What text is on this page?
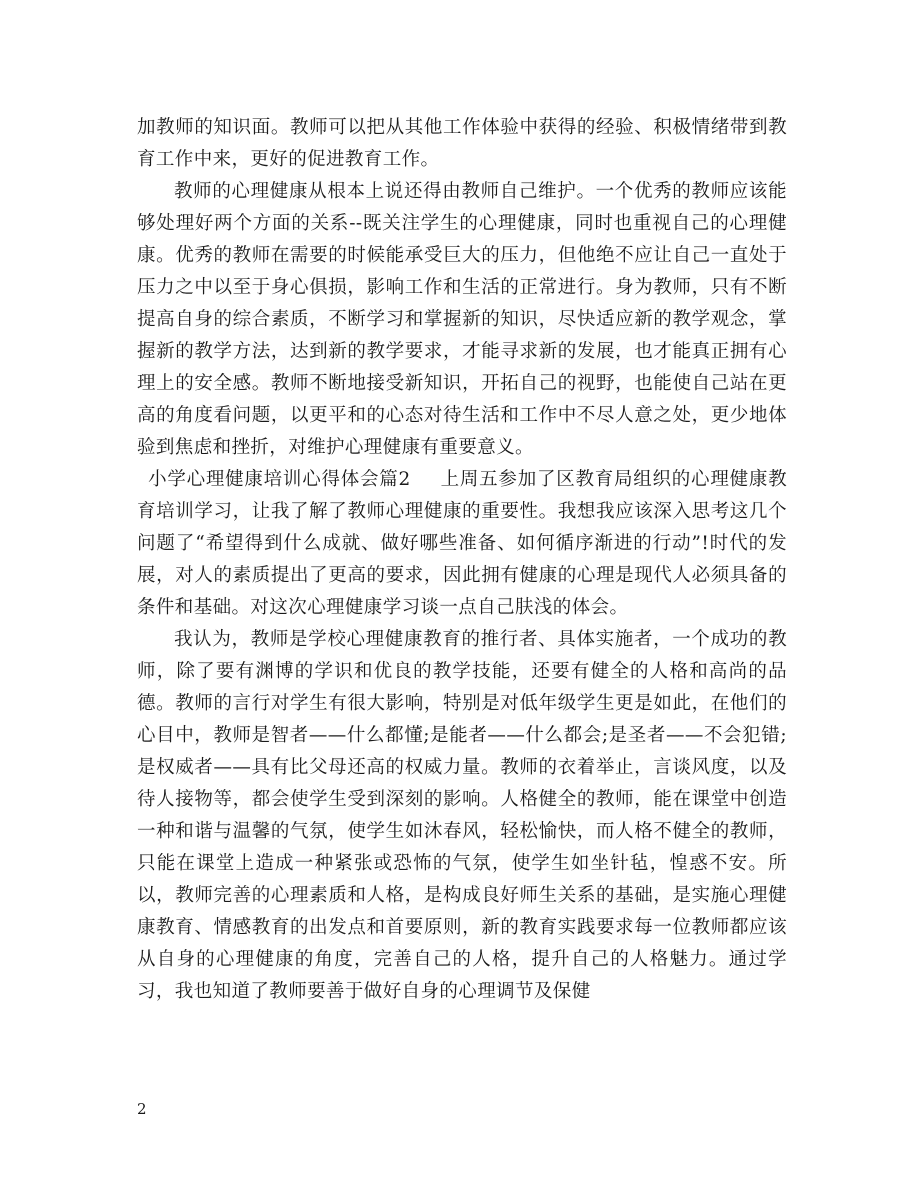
加教师的知识面。教师可以把从其他工作体验中获得的经验、积极情绪带到教育工作中来，更好的促进教育工作。

教师的心理健康从根本上说还得由教师自己维护。一个优秀的教师应该能够处理好两个方面的关系--既关注学生的心理健康，同时也重视自己的心理健康。优秀的教师在需要的时候能承受巨大的压力，但他绝不应让自己一直处于压力之中以至于身心俱损，影响工作和生活的正常进行。身为教师，只有不断提高自身的综合素质，不断学习和掌握新的知识，尽快适应新的教学观念，掌握新的教学方法，达到新的教学要求，才能寻求新的发展，也才能真正拥有心理上的安全感。教师不断地接受新知识，开拓自己的视野，也能使自己站在更高的角度看问题，以更平和的心态对待生活和工作中不尽人意之处，更少地体验到焦虑和挫折，对维护心理健康有重要意义。

小学心理健康培训心得体会篇2 上周五参加了区教育局组织的心理健康教育培训学习，让我了解了教师心理健康的重要性。我想我应该深入思考这几个问题了“希望得到什么成就、做好哪些准备、如何循序渐进的行动”!时代的发展，对人的素质提出了更高的要求，因此拥有健康的心理是现代人必须具备的条件和基础。对这次心理健康学习谈一点自己肤浅的体会。

我认为，教师是学校心理健康教育的推行者、具体实施者，一个成功的教师，除了要有渊博的学识和优良的教学技能，还要有健全的人格和高尚的品德。教师的言行对学生有很大影响，特别是对低年级学生更是如此，在他们的心目中，教师是智者——什么都懂;是能者——什么都会;是圣者——不会犯错;是权威者——具有比父母还高的权威力量。教师的衣着举止，言谈风度，以及待人接物等，都会使学生受到深刻的影响。人格健全的教师，能在课堂中创造一种和谐与温馨的气氛，使学生如沐春风，轻松愉快，而人格不健全的教师，只能在课堂上造成一种紧张或恐怖的气氛，使学生如坐针毡，惶惑不安。所以，教师完善的心理素质和人格，是构成良好师生关系的基础，是实施心理健康教育、情感教育的出发点和首要原则，新的教育实践要求每一位教师都应该从自身的心理健康的角度，完善自己的人格，提升自己的人格魅力。通过学习，我也知道了教师要善于做好自身的心理调节及保健

2
